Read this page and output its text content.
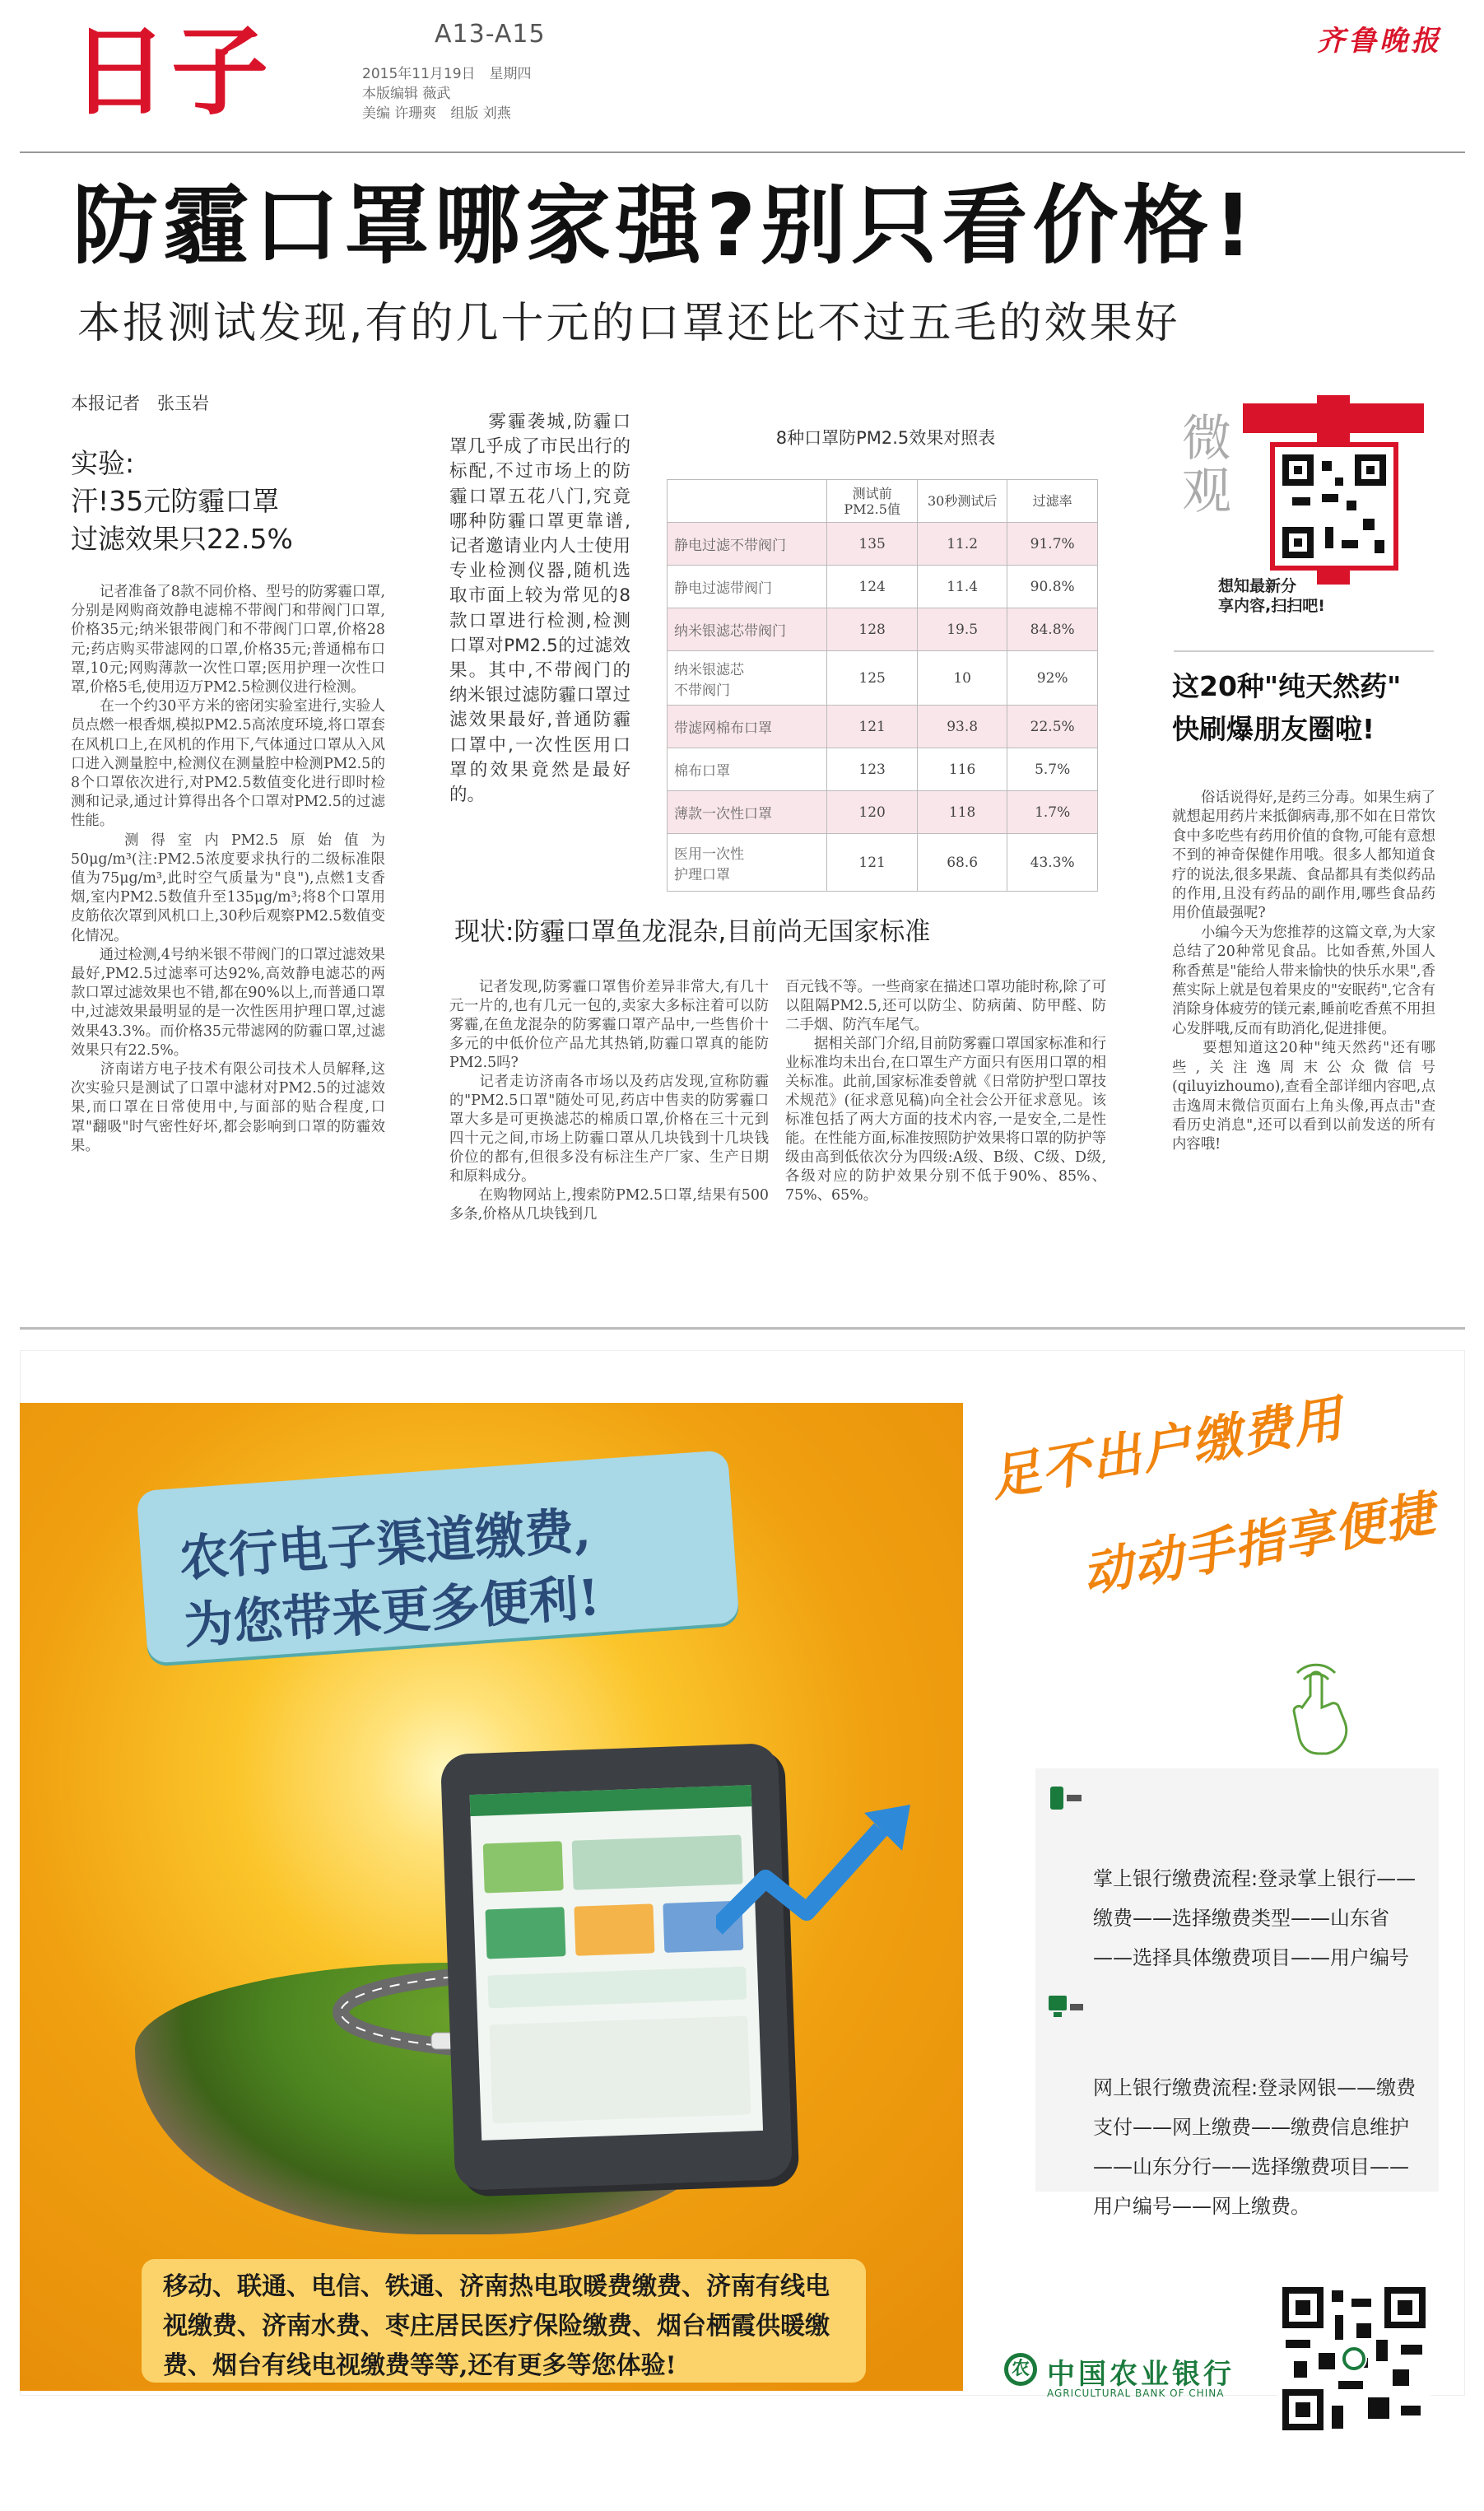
日子	A13-A15
2015年11月19日　星期四
本版编辑 薇武
美编 许珊爽　组版 刘燕
齐鲁晚报
防霾口罩哪家强?别只看价格!
本报测试发现,有的几十元的口罩还比不过五毛的效果好
本报记者　张玉岩
实验:
汗!35元防霾口罩
过滤效果只22.5%
　　记者准备了8款不同价格、型号的防雾霾口罩,分别是网购商效静电滤棉不带阀门和带阀门口罩,价格35元;纳米银带阀门和不带阀门口罩,价格28元;药店购买带滤网的口罩,价格35元;普通棉布口罩,10元;网购薄款一次性口罩;医用护理一次性口罩,价格5毛,使用迈万PM2.5检测仪进行检测。
　　在一个约30平方米的密闭实验室进行,实验人员点燃一根香烟,模拟PM2.5高浓度环境,将口罩套在风机口上,在风机的作用下,气体通过口罩从入风口进入测量腔中,检测仪在测量腔中检测PM2.5的8个口罩依次进行,对PM2.5数值变化进行即时检测和记录,通过计算得出各个口罩对PM2.5的过滤性能。
　　测得室内PM2.5原始值为50μg/m³(注:PM2.5浓度要求执行的二级标准限值为75μg/m³,此时空气质量为"良"),点燃1支香烟,室内PM2.5数值升至135μg/m³;将8个口罩用皮筋依次罩到风机口上,30秒后观察PM2.5数值变化情况。
　　通过检测,4号纳米银不带阀门的口罩过滤效果最好,PM2.5过滤率可达92%,高效静电滤芯的两款口罩过滤效果也不错,都在90%以上,而普通口罩中,过滤效果最明显的是一次性医用护理口罩,过滤效果43.3%。而价格35元带滤网的防霾口罩,过滤效果只有22.5%。
　　济南诺方电子技术有限公司技术人员解释,这次实验只是测试了口罩中滤材对PM2.5的过滤效果,而口罩在日常使用中,与面部的贴合程度,口罩"翻吸"时气密性好坏,都会影响到口罩的防霾效果。
　　雾霾袭城,防霾口罩几乎成了市民出行的标配,不过市场上的防霾口罩五花八门,究竟哪种防霾口罩更靠谱,记者邀请业内人士使用专业检测仪器,随机选取市面上较为常见的8款口罩进行检测,检测口罩对PM2.5的过滤效果。其中,不带阀门的纳米银过滤防霾口罩过滤效果最好,普通防霾口罩中,一次性医用口罩的效果竟然是最好的。
8种口罩防PM2.5效果对照表
	测试前
PM2.5值	30秒测试后	过滤率
静电过滤不带阀门	135	11.2	91.7%
静电过滤带阀门	124	11.4	90.8%
纳米银滤芯带阀门	128	19.5	84.8%
纳米银滤芯
不带阀门	125	10	92%
带滤网棉布口罩	121	93.8	22.5%
棉布口罩	123	116	5.7%
薄款一次性口罩	120	118	1.7%
医用一次性
护理口罩	121	68.6	43.3%
现状:防霾口罩鱼龙混杂,目前尚无国家标准
　　记者发现,防雾霾口罩售价差异非常大,有几十元一片的,也有几元一包的,卖家大多标注着可以防雾霾,在鱼龙混杂的防雾霾口罩产品中,一些售价十多元的中低价位产品尤其热销,防霾口罩真的能防PM2.5吗?
　　记者走访济南各市场以及药店发现,宣称防霾的"PM2.5口罩"随处可见,药店中售卖的防雾霾口罩大多是可更换滤芯的棉质口罩,价格在三十元到四十元之间,市场上防霾口罩从几块钱到十几块钱价位的都有,但很多没有标注生产厂家、生产日期和原料成分。
　　在购物网站上,搜索防PM2.5口罩,结果有500多条,价格从几块钱到几
百元钱不等。一些商家在描述口罩功能时称,除了可以阻隔PM2.5,还可以防尘、防病菌、防甲醛、防二手烟、防汽车尾气。
　　据相关部门介绍,目前防雾霾口罩国家标准和行业标准均未出台,在口罩生产方面只有医用口罩的相关标准。此前,国家标准委曾就《日常防护型口罩技术规范》(征求意见稿)向全社会公开征求意见。该标准包括了两大方面的技术内容,一是安全,二是性能。在性能方面,标准按照防护效果将口罩的防护等级由高到低依次分为四级:A级、B级、C级、D级,各级对应的防护效果分别不低于90%、85%、75%、65%。
微观
想知最新分
享内容,扫扫吧!
这20种"纯天然药"
快刷爆朋友圈啦!
　　俗话说得好,是药三分毒。如果生病了就想起用药片来抵御病毒,那不如在日常饮食中多吃些有药用价值的食物,可能有意想不到的神奇保健作用哦。很多人都知道食疗的说法,很多果蔬、食品都具有类似药品的作用,且没有药品的副作用,哪些食品药用价值最强呢?
　　小编今天为您推荐的这篇文章,为大家总结了20种常见食品。比如香蕉,外国人称香蕉是"能给人带来愉快的快乐水果",香蕉实际上就是包着果皮的"安眠药",它含有消除身体疲劳的镁元素,睡前吃香蕉不用担心发胖哦,反而有助消化,促进排便。
　　要想知道这20种"纯天然药"还有哪些,关注逸周末公众微信号(qiluyizhoumo),查看全部详细内容吧,点击逸周末微信页面右上角头像,再点击"查看历史消息",还可以看到以前发送的所有内容哦!
农行电子渠道缴费,
为您带来更多便利!
移动、联通、电信、铁通、济南热电取暖费缴费、济南有线电视缴费、济南水费、枣庄居民医疗保险缴费、烟台栖霞供暖缴费、烟台有线电视缴费等等,还有更多等您体验!
足不出户缴费用
动动手指享便捷

掌上银行缴费流程:登录掌上银行——缴费——选择缴费类型——山东省——选择具体缴费项目——用户编号

网上银行缴费流程:登录网银——缴费支付——网上缴费——缴费信息维护——山东分行——选择缴费项目——用户编号——网上缴费。

农 中国农业银行
AGRICULTURAL BANK OF CHINA
